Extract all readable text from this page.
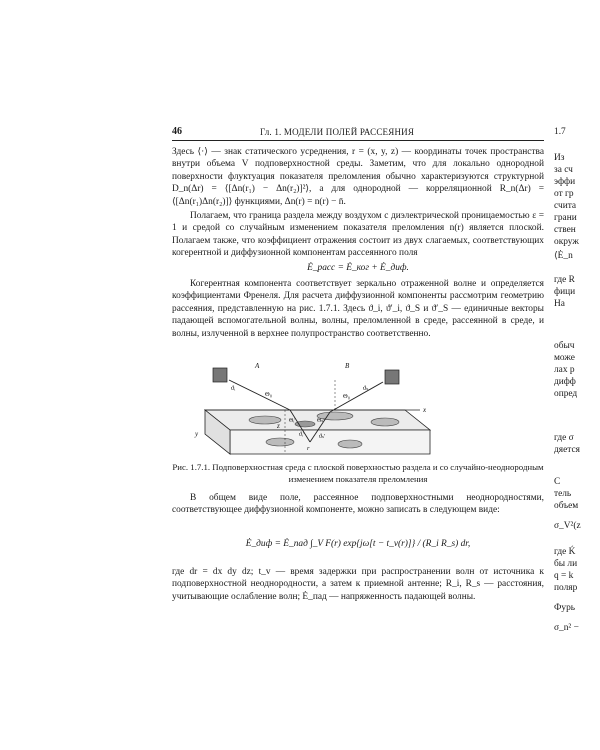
46	Гл. 1. МОДЕЛИ ПОЛЕЙ РАССЕЯНИЯ

Здесь ⟨·⟩ — знак статического усреднения, r = (x, y, z) — координаты точек пространства внутри объема V подповерхностной среды. Заметим, что для локально однородной поверхности флуктуация показателя преломления обычно характеризуются структурной D_n(Δr) = ⟨[Δn(r₁) − Δn(r₂)]²⟩, а для однородной — корреляционной R_n(Δr) = ⟨[Δn(r₁)Δn(r₂)]⟩ функциями, Δn(r) = n(r) − n̄.

Полагаем, что граница раздела между воздухом с диэлектрической проницаемостью ε = 1 и средой со случайным изменением показателя преломления n(r) является плоской. Полагаем также, что коэффициент отражения состоит из двух слагаемых, соответствующих когерентной и диффузионной компонентам рассеянного поля

Ė_расс = Ė_ког + Ė_диф.

Когерентная компонента соответствует зеркально отраженной волне и определяется коэффициентами Френеля. Для расчета диффузионной компоненты рассмотрим геометрию рассеяния, представленную на рис. 1.7.1. Здесь ϑ_i, ϑ′_i, ϑ_S и ϑ′_S — единичные векторы падающей вспомогательной волны, волны, преломленной в среде, рассеянной в среде, и волны, излученной в верхнее полупространство соответственно.

A	B
x
y
z
ϑᵢ	ϑₛ
Θ₀	Θ₀
Θᵢ′	Θₛ′
ϑᵢ′ ϑₛ′
r

Рис. 1.7.1. Подповерхностная среда с плоской поверхностью раздела и со случайно-неоднородным изменением показателя преломления

В общем виде поле, рассеянное подповерхностными неоднородностями, соответствующее диффузионной компоненте, можно записать в следующем виде:

Ė_диф = Ė_пад ∫_V F(r) exp{jω[t − t_v(r)]} / (R_i R_s) dr,

где dr = dx dy dz; t_v — время задержки при распространении волн от источника к подповерхностной неоднородности, а затем к приемной антенне; R_i, R_s — расстояния, учитывающие ослабление волн; Ė_пад — напряженность падающей волны.

1.7
Из
за сч
эффи
от гр
счита
грани
ствен
окруж
⟨Ė_n
где R
фици
На
обыч
може
лах р
дифф
опред
где σ
дяется
С
тель
объем
σ_V²(z
где Ḱ
бы ли
q = k
поляр
Фурь
σ_n² −
